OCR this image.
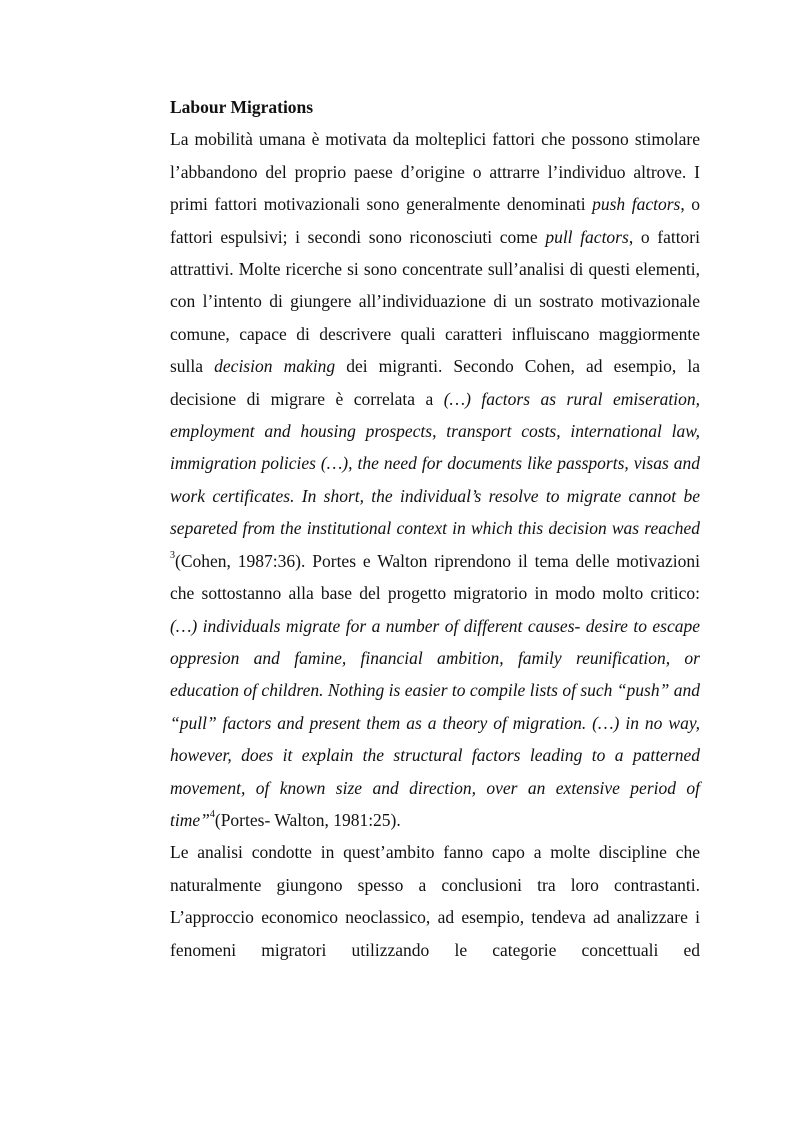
Labour Migrations

La mobilità umana è motivata da molteplici fattori che possono stimolare l’abbandono del proprio paese d’origine o attrarre l’individuo altrove. I primi fattori motivazionali sono generalmente denominati push factors, o fattori espulsivi; i secondi sono riconosciuti come pull factors, o fattori attrattivi. Molte ricerche si sono concentrate sull’analisi di questi elementi, con l’intento di giungere all’individuazione di un sostrato motivazionale comune, capace di descrivere quali caratteri influiscano maggiormente sulla decision making dei migranti. Secondo Cohen, ad esempio, la decisione di migrare è correlata a (…) factors as rural emiseration, employment and housing prospects, transport costs, international law, immigration policies (…), the need for documents like passports, visas and work certificates. In short, the individual’s resolve to migrate cannot be separeted from the institutional context in which this decision was reached $^3$(Cohen, 1987:36). Portes e Walton riprendono il tema delle motivazioni che sottostanno alla base del progetto migratorio in modo molto critico: (…) individuals migrate for a number of different causes- desire to escape oppresion and famine, financial ambition, family reunification, or education of children. Nothing is easier to compile lists of such “push” and “pull” factors and present them as a theory of migration. (…) in no way, however, does it explain the structural factors leading to a patterned movement, of known size and direction, over an extensive period of time”$^4$(Portes- Walton, 1981:25).

Le analisi condotte in quest’ambito fanno capo a molte discipline che naturalmente giungono spesso a conclusioni tra loro contrastanti. L’approccio economico neoclassico, ad esempio, tendeva ad analizzare i fenomeni migratori utilizzando le categorie concettuali ed
